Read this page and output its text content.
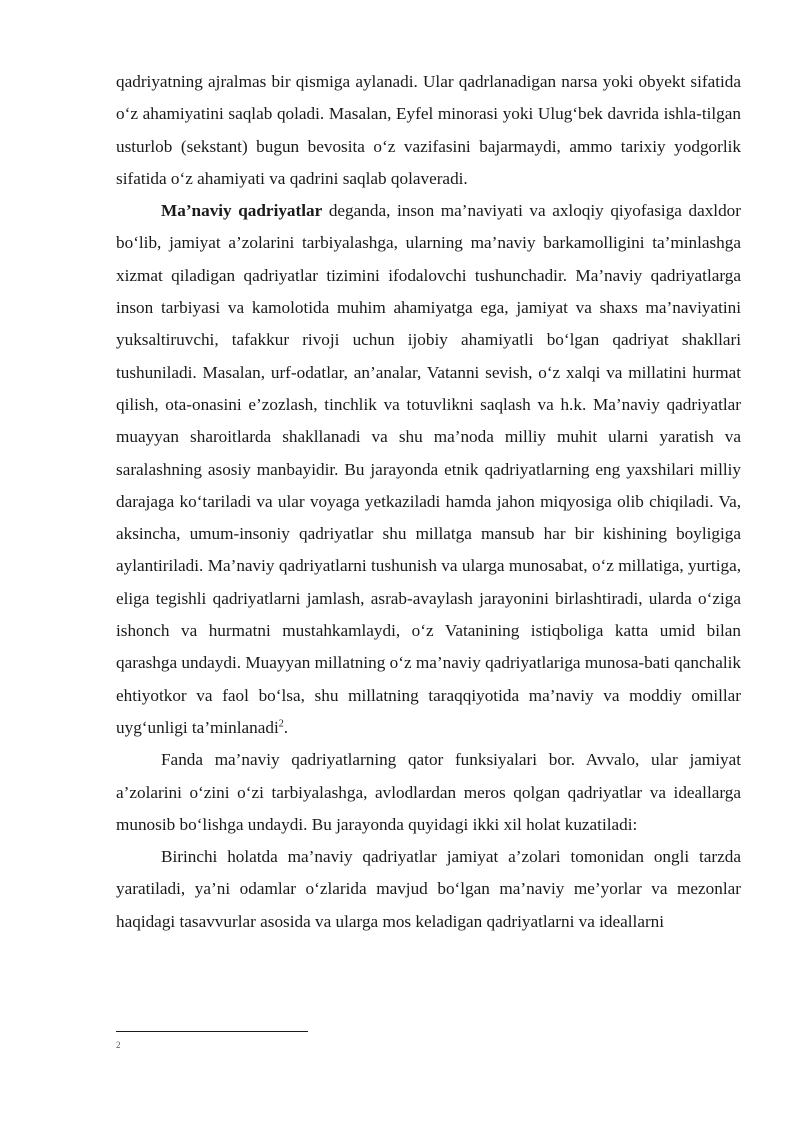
qadriyatning ajralmas bir qismiga aylanadi. Ular qadrlanadigan narsa yoki obyekt sifatida o‘z ahamiyatini saqlab qoladi. Masalan, Eyfel minorasi yoki Ulug‘bek davrida ishla-tilgan usturlob (sekstant) bugun bevosita o‘z vazifasini bajarmaydi, ammo tarixiy yodgorlik sifatida o‘z ahamiyati va qadrini saqlab qolaveradi.

Ma’naviy qadriyatlar deganda, inson ma’naviyati va axloqiy qiyofasiga daxldor bo‘lib, jamiyat a’zolarini tarbiyalashga, ularning ma’naviy barkamolligini ta’minlashga xizmat qiladigan qadriyatlar tizimini ifodalovchi tushunchadir. Ma’naviy qadriyatlarga inson tarbiyasi va kamolotida muhim ahamiyatga ega, jamiyat va shaxs ma’naviyatini yuksaltiruvchi, tafakkur rivoji uchun ijobiy ahamiyatli bo‘lgan qadriyat shakllari tushuniladi. Masalan, urf-odatlar, an’analar, Vatanni sevish, o‘z xalqi va millatini hurmat qilish, ota-onasini e’zozlash, tinchlik va totuvlikni saqlash va h.k. Ma’naviy qadriyatlar muayyan sharoitlarda shakllanadi va shu ma’noda milliy muhit ularni yaratish va saralashning asosiy manbayidir. Bu jarayonda etnik qadriyatlarning eng yaxshilari milliy darajaga ko‘tariladi va ular voyaga yetkaziladi hamda jahon miqyosiga olib chiqiladi. Va, aksincha, umum-insoniy qadriyatlar shu millatga mansub har bir kishining boyligiga aylantiriladi. Ma’naviy qadriyatlarni tushunish va ularga munosabat, o‘z millatiga, yurtiga, eliga tegishli qadriyatlarni jamlash, asrab-avaylash jarayonini birlashtiradi, ularda o‘ziga ishonch va hurmatni mustahkamlaydi, o‘z Vatanining istiqboliga katta umid bilan qarashga undaydi. Muayyan millatning o‘z ma’naviy qadriyatlariga munosa-bati qanchalik ehtiyotkor va faol bo‘lsa, shu millatning taraqqiyotida ma’naviy va moddiy omillar uyg‘unligi ta’minlanadi$^2$.

Fanda ma’naviy qadriyatlarning qator funksiyalari bor. Avvalo, ular jamiyat a’zolarini o‘zini o‘zi tarbiyalashga, avlodlardan meros qolgan qadriyatlar va ideallarga munosib bo‘lishga undaydi. Bu jarayonda quyidagi ikki xil holat kuzatiladi:

Birinchi holatda ma’naviy qadriyatlar jamiyat a’zolari tomonidan ongli tarzda yaratiladi, ya’ni odamlar o‘zlarida mavjud bo‘lgan ma’naviy me’yorlar va mezonlar haqidagi tasavvurlar asosida va ularga mos keladigan qadriyatlarni va ideallarni

2
